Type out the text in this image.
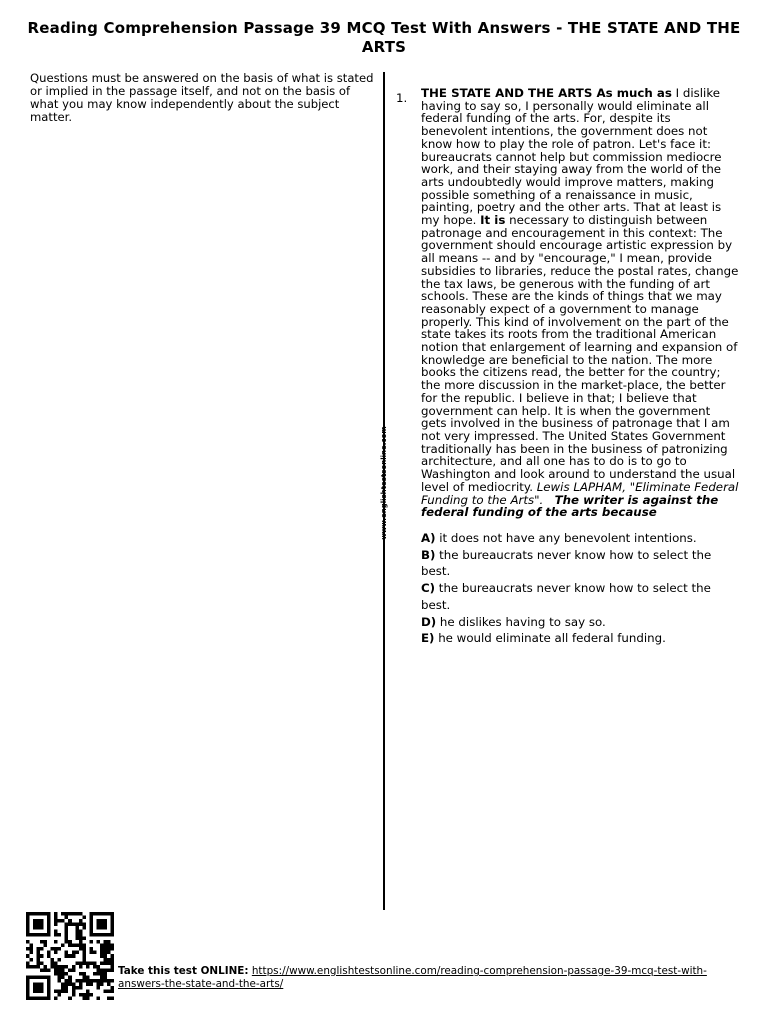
Reading Comprehension Passage 39 MCQ Test With Answers - THE STATE AND THE ARTS
Questions must be answered on the basis of what is stated or implied in the passage itself, and not on the basis of what you may know independently about the subject matter.
www.englishtestsonline.com
1. THE STATE AND THE ARTS As much as I dislike having to say so, I personally would eliminate all federal funding of the arts. For, despite its benevolent intentions, the government does not know how to play the role of patron. Let's face it: bureaucrats cannot help but commission mediocre work, and their staying away from the world of the arts undoubtedly would improve matters, making possible something of a renaissance in music, painting, poetry and the other arts. That at least is my hope. It is necessary to distinguish between patronage and encouragement in this context: The government should encourage artistic expression by all means -- and by "encourage," I mean, provide subsidies to libraries, reduce the postal rates, change the tax laws, be generous with the funding of art schools. These are the kinds of things that we may reasonably expect of a government to manage properly. This kind of involvement on the part of the state takes its roots from the traditional American notion that enlargement of learning and expansion of knowledge are beneficial to the nation. The more books the citizens read, the better for the country; the more discussion in the market-place, the better for the republic. I believe in that; I believe that government can help. It is when the government gets involved in the business of patronage that I am not very impressed. The United States Government traditionally has been in the business of patronizing architecture, and all one has to do is to go to Washington and look around to understand the usual level of mediocrity. Lewis LAPHAM, "Eliminate Federal Funding to the Arts". The writer is against the federal funding of the arts because
A) it does not have any benevolent intentions.
B) the bureaucrats never know how to select the best.
C) the bureaucrats never know how to select the best.
D) he dislikes having to say so.
E) he would eliminate all federal funding.
Take this test ONLINE: https://www.englishtestsonline.com/reading-comprehension-passage-39-mcq-test-with-answers-the-state-and-the-arts/
